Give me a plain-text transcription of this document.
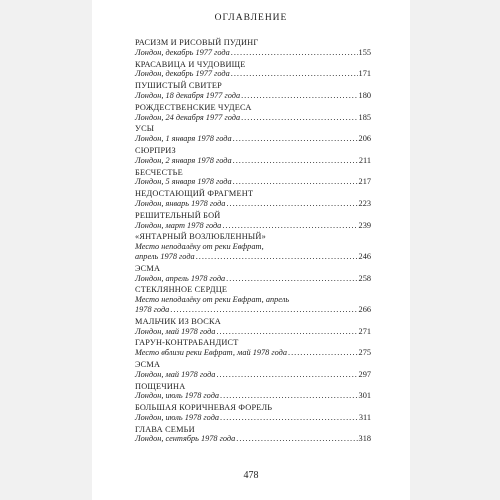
ОГЛАВЛЕНИЕ
РАСИЗМ И РИСОВЫЙ ПУДИНГ
Лондон, декабрь 1977 года .....	155
КРАСАВИЦА И ЧУДОВИЩЕ
Лондон, декабрь 1977 года .....	171
ПУШИСТЫЙ СВИТЕР
Лондон, 18 декабря 1977 года .....	180
РОЖДЕСТВЕНСКИЕ ЧУДЕСА
Лондон, 24 декабря 1977 года .....	185
УСЫ
Лондон, 1 января 1978 года .....	206
СЮРПРИЗ
Лондон, 2 января 1978 года .....	211
БЕСЧЕСТЬЕ
Лондон, 5 января 1978 года .....	217
НЕДОСТАЮЩИЙ ФРАГМЕНТ
Лондон, январь 1978 года .....	223
РЕШИТЕЛЬНЫЙ БОЙ
Лондон, март 1978 года .....	239
«ЯНТАРНЫЙ ВОЗЛЮБЛЕННЫЙ»
Место неподалёку от реки Евфрат,
апрель 1978 года .....	246
ЭСМА
Лондон, апрель 1978 года .....	258
СТЕКЛЯННОЕ СЕРДЦЕ
Место неподалёку от реки Евфрат, апрель
1978 года .....	266
МАЛЬЧИК ИЗ ВОСКА
Лондон, май 1978 года .....	271
ГАРУН-КОНТРАБАНДИСТ
Место вблизи реки Евфрат, май 1978 года .....	275
ЭСМА
Лондон, май 1978 года .....	297
ПОЩЕЧИНА
Лондон, июль 1978 года .....	301
БОЛЬШАЯ КОРИЧНЕВАЯ ФОРЕЛЬ
Лондон, июль 1978 года .....	311
ГЛАВА СЕМЬИ
Лондон, сентябрь 1978 года .....	318
478
